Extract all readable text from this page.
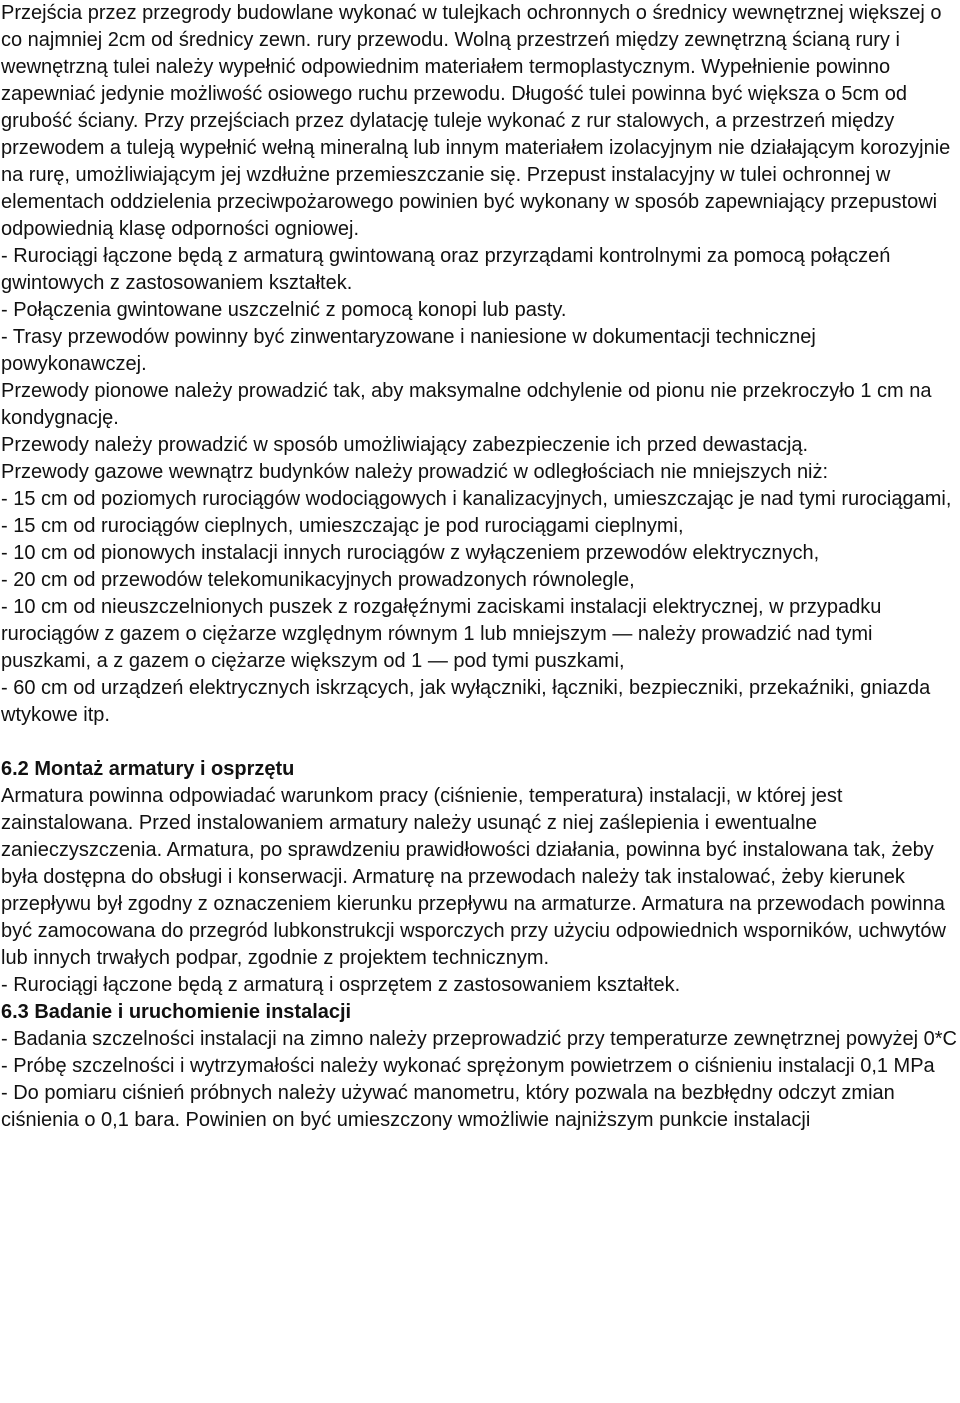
Przejścia przez przegrody budowlane wykonać w tulejkach ochronnych o średnicy wewnętrznej większej o co najmniej 2cm od średnicy zewn. rury przewodu. Wolną przestrzeń między zewnętrzną ścianą rury i wewnętrzną tulei należy wypełnić odpowiednim materiałem termoplastycznym. Wypełnienie powinno zapewniać jedynie możliwość osiowego ruchu przewodu. Długość tulei powinna być większa o 5cm od grubość ściany. Przy przejściach przez dylatację tuleje wykonać z rur stalowych, a przestrzeń między przewodem a tuleją wypełnić wełną mineralną lub innym materiałem izolacyjnym nie działającym korozyjnie na rurę, umożliwiającym jej wzdłużne przemieszczanie się. Przepust instalacyjny w tulei ochronnej w elementach oddzielenia przeciwpożarowego powinien być wykonany w sposób zapewniający przepustowi odpowiednią klasę odporności ogniowej.

- Rurociągi łączone będą z armaturą gwintowaną oraz przyrządami kontrolnymi za pomocą połączeń gwintowych z zastosowaniem kształtek.

- Połączenia gwintowane uszczelnić z pomocą konopi lub pasty.

- Trasy przewodów powinny być zinwentaryzowane i naniesione w dokumentacji technicznej powykonawczej.

Przewody pionowe należy prowadzić tak, aby maksymalne odchylenie od pionu nie przekroczyło 1 cm na kondygnację.

Przewody należy prowadzić w sposób umożliwiający zabezpieczenie ich przed dewastacją.

Przewody gazowe wewnątrz budynków należy prowadzić w odległościach nie mniejszych niż:

- 15 cm od poziomych rurociągów wodociągowych i kanalizacyjnych, umieszczając je nad tymi rurociągami,

- 15 cm od rurociągów cieplnych, umieszczając je pod rurociągami cieplnymi,

- 10 cm od pionowych instalacji innych rurociągów z wyłączeniem przewodów elektrycznych,

- 20 cm od przewodów telekomunikacyjnych prowadzonych równolegle,

- 10 cm od nieuszczelnionych puszek z rozgałęźnymi zaciskami instalacji elektrycznej, w przypadku rurociągów z gazem o ciężarze względnym równym 1 lub mniejszym — należy prowadzić nad tymi puszkami, a z gazem o ciężarze większym od 1 — pod tymi puszkami,

- 60 cm od urządzeń elektrycznych iskrzących, jak wyłączniki, łączniki, bezpieczniki, przekaźniki, gniazda wtykowe itp.

6.2 Montaż armatury i osprzętu

Armatura powinna odpowiadać warunkom pracy (ciśnienie, temperatura) instalacji, w której jest zainstalowana. Przed instalowaniem armatury należy usunąć z niej zaślepienia i ewentualne zanieczyszczenia. Armatura, po sprawdzeniu prawidłowości działania, powinna być instalowana tak, żeby była dostępna do obsługi i konserwacji. Armaturę na przewodach należy tak instalować, żeby kierunek przepływu był zgodny z oznaczeniem kierunku przepływu na armaturze. Armatura na przewodach powinna być zamocowana do przegród lubkonstrukcji wsporczych przy użyciu odpowiednich wsporników, uchwytów lub innych trwałych podpar, zgodnie z projektem technicznym.

- Rurociągi łączone będą z armaturą i osprzętem z zastosowaniem kształtek.

6.3 Badanie i uruchomienie instalacji

- Badania szczelności instalacji na zimno należy przeprowadzić przy temperaturze zewnętrznej powyżej 0*C

- Próbę szczelności i wytrzymałości należy wykonać sprężonym powietrzem o ciśnieniu instalacji 0,1 MPa

- Do pomiaru ciśnień próbnych należy używać manometru, który pozwala na bezbłędny odczyt zmian ciśnienia o 0,1 bara. Powinien on być umieszczony wmożliwie najniższym punkcie instalacji
